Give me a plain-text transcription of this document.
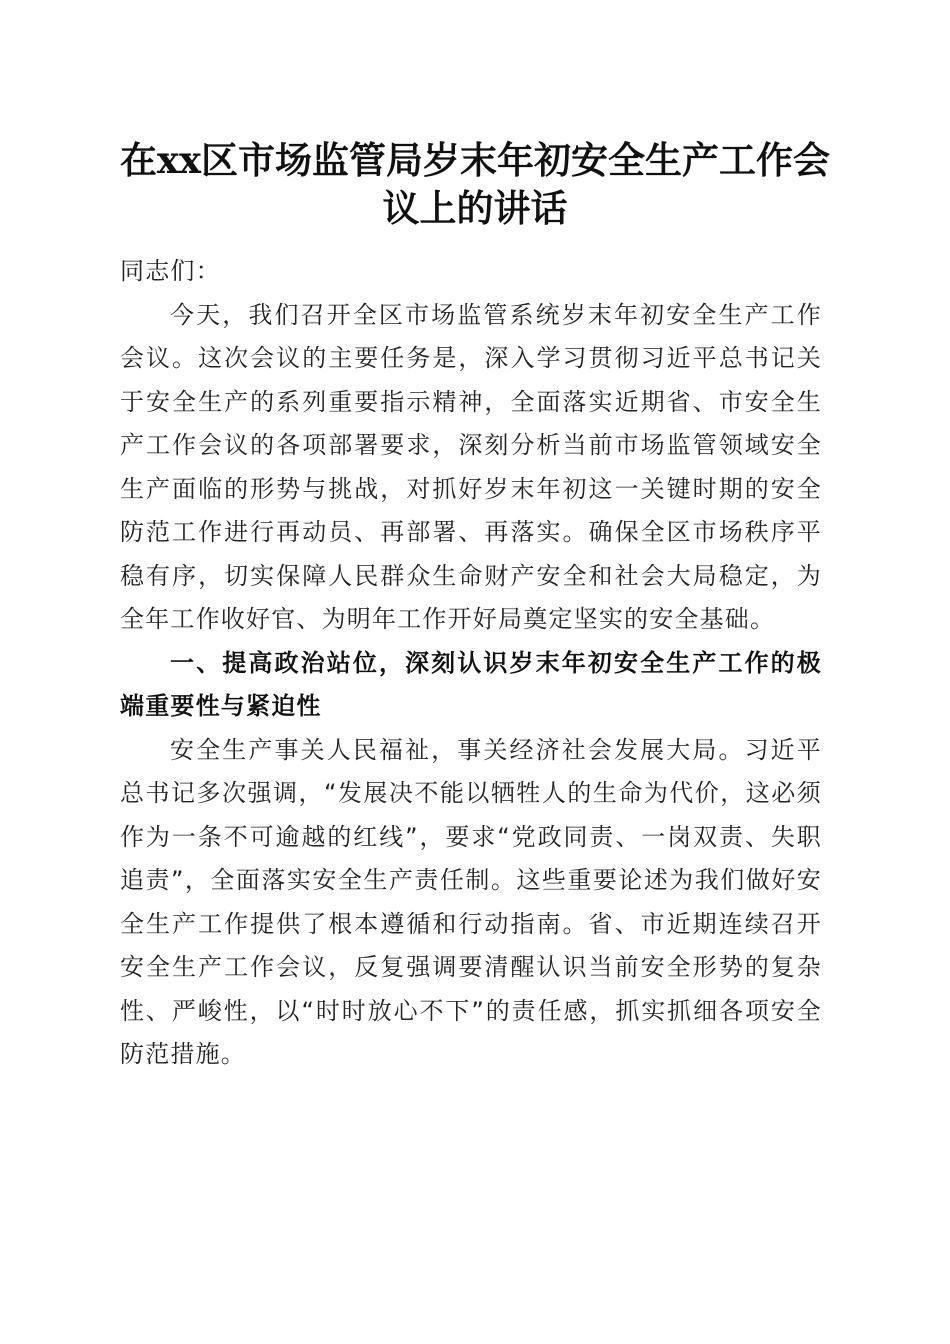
在xx区市场监管局岁末年初安全生产工作会
议上的讲话

同志们：

今天，我们召开全区市场监管系统岁末年初安全生产工作会议。这次会议的主要任务是，深入学习贯彻习近平总书记关于安全生产的系列重要指示精神，全面落实近期省、市安全生产工作会议的各项部署要求，深刻分析当前市场监管领域安全生产面临的形势与挑战，对抓好岁末年初这一关键时期的安全防范工作进行再动员、再部署、再落实。确保全区市场秩序平稳有序，切实保障人民群众生命财产安全和社会大局稳定，为全年工作收好官、为明年工作开好局奠定坚实的安全基础。

一、提高政治站位，深刻认识岁末年初安全生产工作的极端重要性与紧迫性

安全生产事关人民福祉，事关经济社会发展大局。习近平总书记多次强调，“发展决不能以牺牲人的生命为代价，这必须作为一条不可逾越的红线”，要求“党政同责、一岗双责、失职追责”，全面落实安全生产责任制。这些重要论述为我们做好安全生产工作提供了根本遵循和行动指南。省、市近期连续召开安全生产工作会议，反复强调要清醒认识当前安全形势的复杂性、严峻性，以“时时放心不下”的责任感，抓实抓细各项安全防范措施。
